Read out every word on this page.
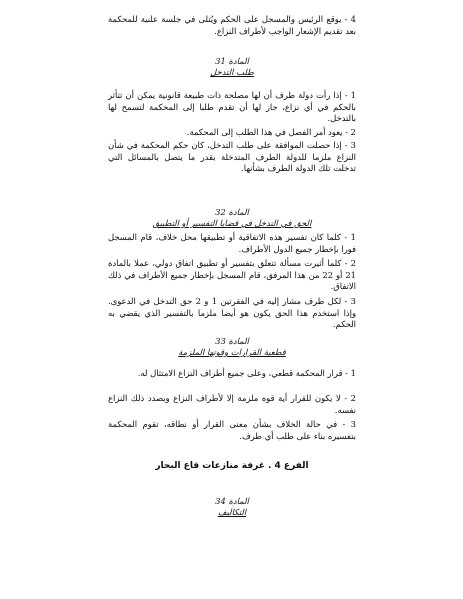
4 - يوقع الرئيس والمسجل على الحكم ويُتلى في جلسة علنية للمحكمة بعد تقديم الإشعار الواجب لأطراف النزاع.

المادة 31

طلب التدخل

1 - إذا رأت دولة طرف أن لها مصلحة ذات طبيعة قانونية يمكن أن تتأثر بالحكم في أي نزاع، جاز لها أن تقدم طلبا إلى المحكمة لتسمح لها بالتدخل.

2 - يعود أمر الفصل في هذا الطلب إلى المحكمة.

3 - إذا حصلت الموافقة على طلب التدخل، كان حكم المحكمة في شأن النزاع ملزما للدولة الطرف المتدخلة بقدر ما يتصل بالمسائل التي تدخلت تلك الدولة الطرف بشأنها.

المادة 32

الحق في التدخل في قضايا التفسير أو التطبيق

1 - كلما كان تفسير هذه الاتفاقية أو تطبيقها محل خلاف، قام المسجل فورا بإخطار جميع الدول الأطراف.

2 - كلما أثيرت مسألة تتعلق بتفسير أو تطبيق اتفاق دولي، عملا بالمادة 21 أو 22 من هذا المرفق، قام المسجل بإخطار جميع الأطراف في ذلك الاتفاق.

3 - لكل طرف مشار إليه في الفقرتين 1 و 2 حق التدخل في الدعوى. وإذا استخدم هذا الحق يكون هو أيضا ملزما بالتفسير الذي يقضي به الحكم.

المادة 33

قطعية القرارات وقوتها الملزمة

1 - قرار المحكمة قطعي، وعلى جميع أطراف النزاع الامتثال له.

2 - لا يكون للقرار أية قوة ملزمة إلا لأطراف النزاع وبصدد ذلك النزاع نفسه.

3 - في حالة الخلاف بشأن معنى القرار أو نطاقه، تقوم المحكمة بتفسيره بناء على طلب أي طرف.

الفرع 4 . غرفة منازعات قاع البحار

المادة 34

التكاليف
